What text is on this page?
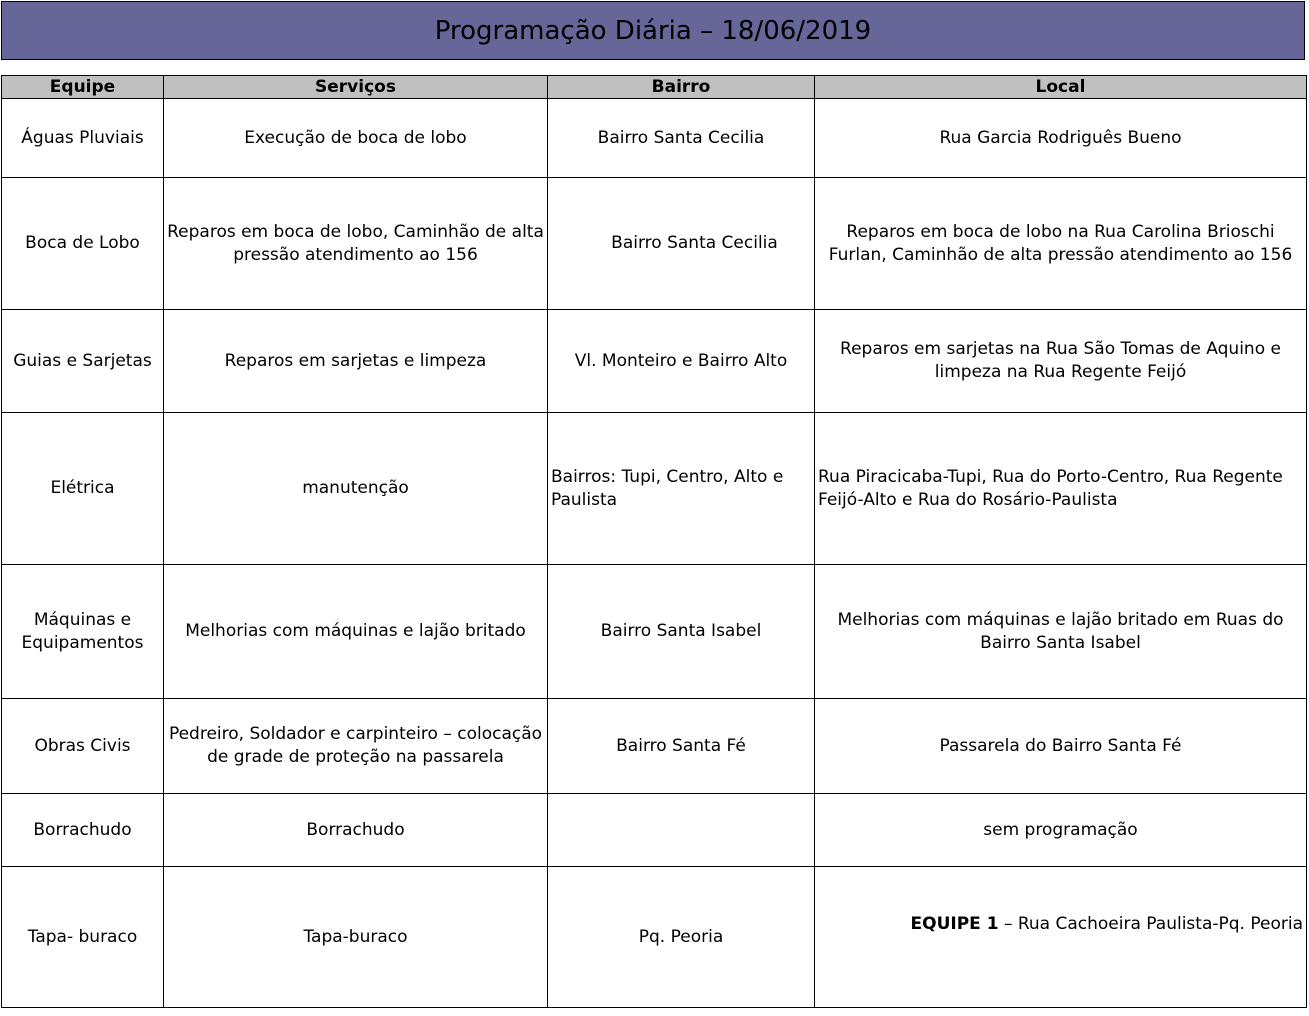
Programação Diária – 18/06/2019
Equipe	Serviços	Bairro	Local
Águas Pluviais	Execução de boca de lobo	Bairro Santa Cecilia	Rua Garcia Rodriguês Bueno
Boca de Lobo	Reparos em boca de lobo, Caminhão de alta pressão atendimento ao 156	Bairro Santa Cecilia	Reparos em boca de lobo na Rua Carolina Brioschi Furlan, Caminhão de alta pressão atendimento ao 156
Guias e Sarjetas	Reparos em sarjetas e limpeza	Vl. Monteiro e Bairro Alto	Reparos em sarjetas na Rua São Tomas de Aquino e limpeza na Rua Regente Feijó
Elétrica	manutenção	Bairros: Tupi, Centro, Alto e Paulista	Rua Piracicaba-Tupi, Rua do Porto-Centro, Rua Regente Feijó-Alto e Rua do Rosário-Paulista
Máquinas e Equipamentos	Melhorias com máquinas e lajão britado	Bairro Santa Isabel	Melhorias com máquinas e lajão britado em Ruas do Bairro Santa Isabel
Obras Civis	Pedreiro, Soldador e carpinteiro – colocação de grade de proteção na passarela	Bairro Santa Fé	Passarela do Bairro Santa Fé
Borrachudo	Borrachudo		sem programação
Tapa- buraco	Tapa-buraco	Pq. Peoria	EQUIPE 1 – Rua Cachoeira Paulista-Pq. Peoria
